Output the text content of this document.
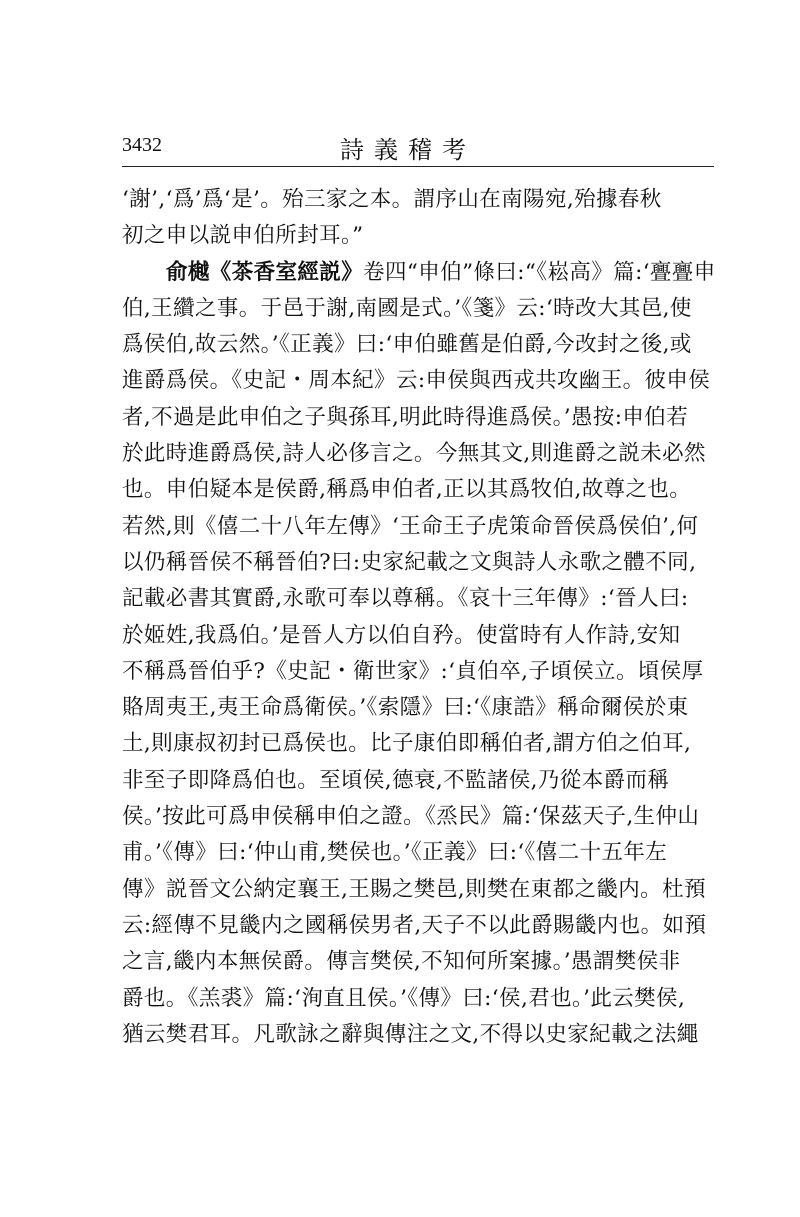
3432	詩義稽考
‘謝’,‘爲’爲‘是’。殆三家之本。謂序山在南陽宛,殆據春秋
初之申以説申伯所封耳。”
俞樾《茶香室經説》卷四“申伯”條曰:“《崧高》篇:‘亹亹申
伯,王纘之事。于邑于謝,南國是式。’《箋》云:‘時改大其邑,使
爲侯伯,故云然。’《正義》曰:‘申伯雖舊是伯爵,今改封之後,或
進爵爲侯。《史記・周本紀》云:申侯與西戎共攻幽王。彼申侯
者,不過是此申伯之子與孫耳,明此時得進爲侯。’愚按:申伯若
於此時進爵爲侯,詩人必侈言之。今無其文,則進爵之説未必然
也。申伯疑本是侯爵,稱爲申伯者,正以其爲牧伯,故尊之也。
若然,則《僖二十八年左傳》‘王命王子虎策命晉侯爲侯伯’,何
以仍稱晉侯不稱晉伯?曰:史家紀載之文與詩人永歌之體不同,
記載必書其實爵,永歌可奉以尊稱。《哀十三年傳》:‘晉人曰:
於姬姓,我爲伯。’是晉人方以伯自矜。使當時有人作詩,安知
不稱爲晉伯乎?《史記・衛世家》:‘貞伯卒,子頃侯立。頃侯厚
賂周夷王,夷王命爲衛侯。’《索隱》曰:‘《康誥》稱命爾侯於東
土,則康叔初封已爲侯也。比子康伯即稱伯者,謂方伯之伯耳,
非至子即降爲伯也。至頃侯,德衰,不監諸侯,乃從本爵而稱
侯。’按此可爲申侯稱申伯之證。《烝民》篇:‘保茲天子,生仲山
甫。’《傳》曰:‘仲山甫,樊侯也。’《正義》曰:‘《僖二十五年左
傳》説晉文公納定襄王,王賜之樊邑,則樊在東都之畿内。杜預
云:經傳不見畿内之國稱侯男者,天子不以此爵賜畿内也。如預
之言,畿内本無侯爵。傳言樊侯,不知何所案據。’愚謂樊侯非
爵也。《羔裘》篇:‘洵直且侯。’《傳》曰:‘侯,君也。’此云樊侯,
猶云樊君耳。凡歌詠之辭與傳注之文,不得以史家紀載之法繩
